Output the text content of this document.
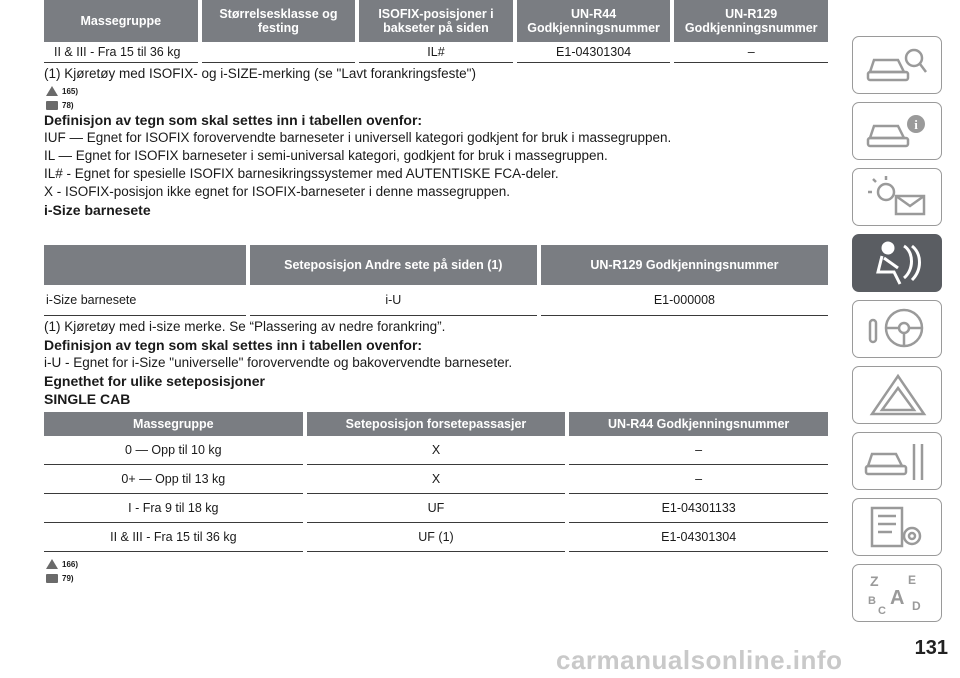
Massegruppe	Størrelsesklasse og festing	ISOFIX-posisjoner i bakseter på siden	UN-R44 Godkjenningsnummer	UN-R129 Godkjenningsnummer
II & III - Fra 15 til 36 kg		IL#	E1-04301304	–

(1) Kjøretøy med ISOFIX- og i-SIZE-merking (se "Lavt forankringsfeste")

165)
78)

Definisjon av tegn som skal settes inn i tabellen ovenfor:

IUF — Egnet for ISOFIX forovervendte barneseter i universell kategori godkjent for bruk i massegruppen.

IL — Egnet for ISOFIX barneseter i semi-universal kategori, godkjent for bruk i massegruppen.

IL# - Egnet for spesielle ISOFIX barnesikringssystemer med AUTENTISKE FCA-deler.

X - ISOFIX-posisjon ikke egnet for ISOFIX-barneseter i denne massegruppen.

i-Size barnesete

	Seteposisjon Andre sete på siden (1)	UN-R129 Godkjenningsnummer
i-Size barnesete	i-U	E1-000008

(1) Kjøretøy med i-size merke. Se “Plassering av nedre forankring”.

Definisjon av tegn som skal settes inn i tabellen ovenfor:

i-U - Egnet for i-Size "universelle" forovervendte og bakovervendte barneseter.

Egnethet for ulike seteposisjoner

SINGLE CAB

Massegruppe	Seteposisjon forsetepassasjer	UN-R44 Godkjenningsnummer
0 — Opp til 10 kg	X	–
0+ — Opp til 13 kg	X	–
I - Fra 9 til 18 kg	UF	E1-04301133
II & III - Fra 15 til 36 kg	UF (1)	E1-04301304
166)
79)
i
Z E
B A
C D
131
carmanualsonline.info
